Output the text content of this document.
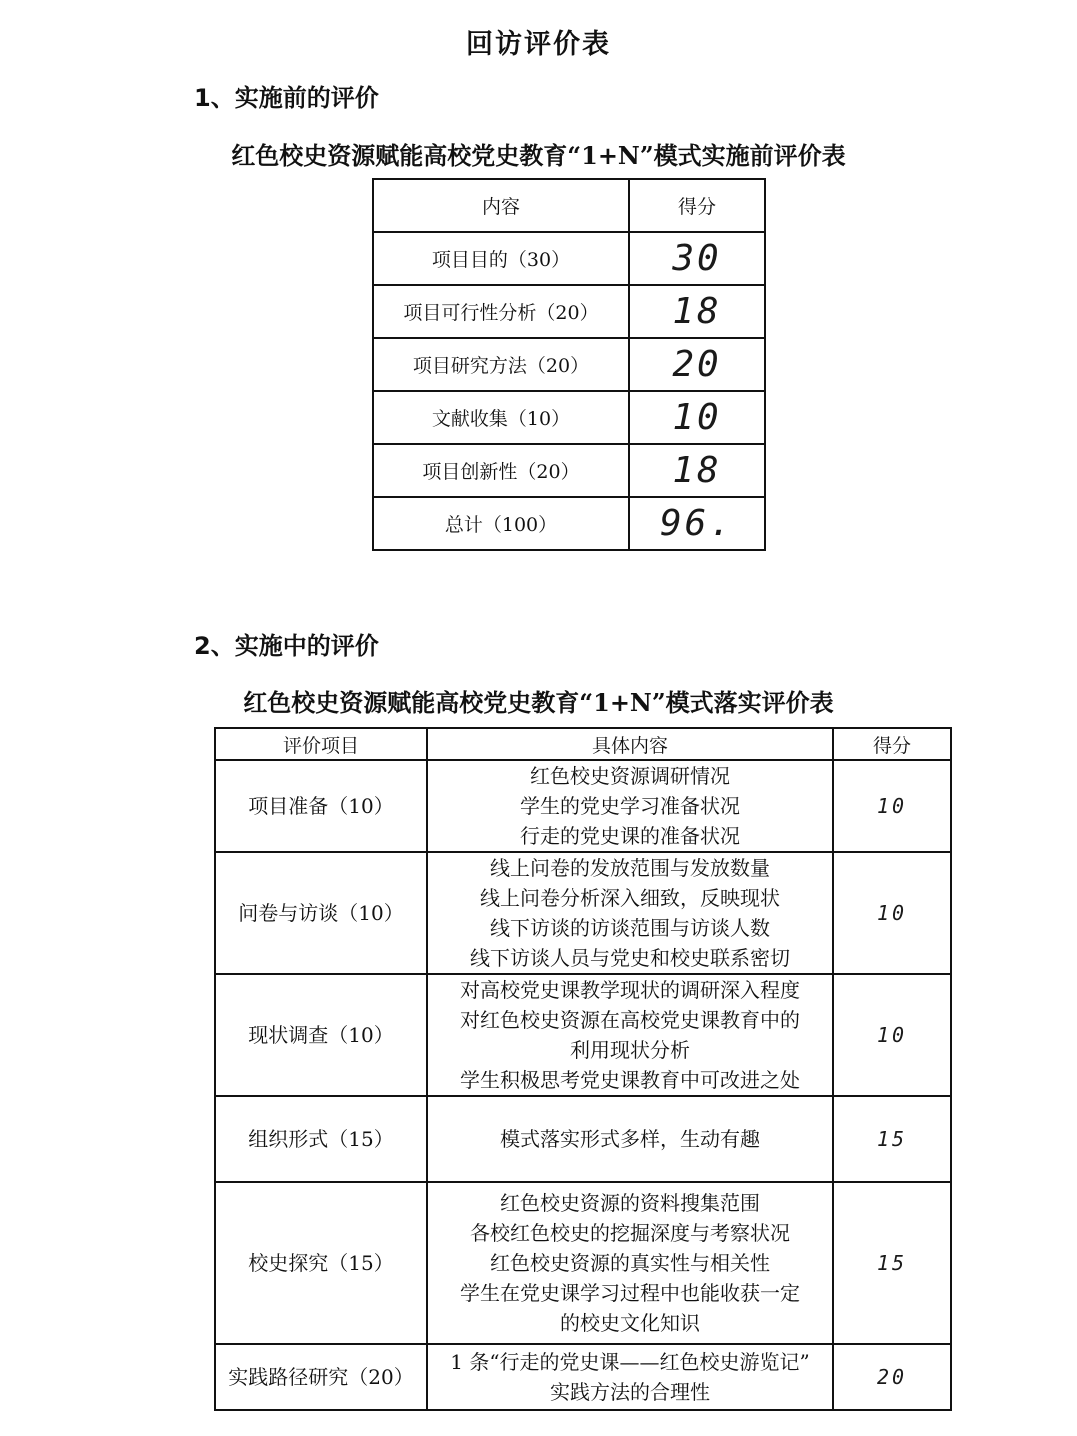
回访评价表
1、实施前的评价
红色校史资源赋能高校党史教育“1+N”模式实施前评价表
内容	得分
项目目的（30）	30
项目可行性分析（20）	18
项目研究方法（20）	20
文献收集（10）	10
项目创新性（20）	18
总计（100）	96.
2、实施中的评价
红色校史资源赋能高校党史教育“1+N”模式落实评价表
评价项目	具体内容	得分
项目准备（10）	红色校史资源调研情况
学生的党史学习准备状况
行走的党史课的准备状况	10
问卷与访谈（10）	线上问卷的发放范围与发放数量
线上问卷分析深入细致，反映现状
线下访谈的访谈范围与访谈人数
线下访谈人员与党史和校史联系密切	10
现状调查（10）	对高校党史课教学现状的调研深入程度
对红色校史资源在高校党史课教育中的
利用现状分析
学生积极思考党史课教育中可改进之处	10
组织形式（15）	模式落实形式多样，生动有趣	15
校史探究（15）	红色校史资源的资料搜集范围
各校红色校史的挖掘深度与考察状况
红色校史资源的真实性与相关性
学生在党史课学习过程中也能收获一定
的校史文化知识	15
实践路径研究（20）	1 条“行走的党史课——红色校史游览记”
实践方法的合理性	20
